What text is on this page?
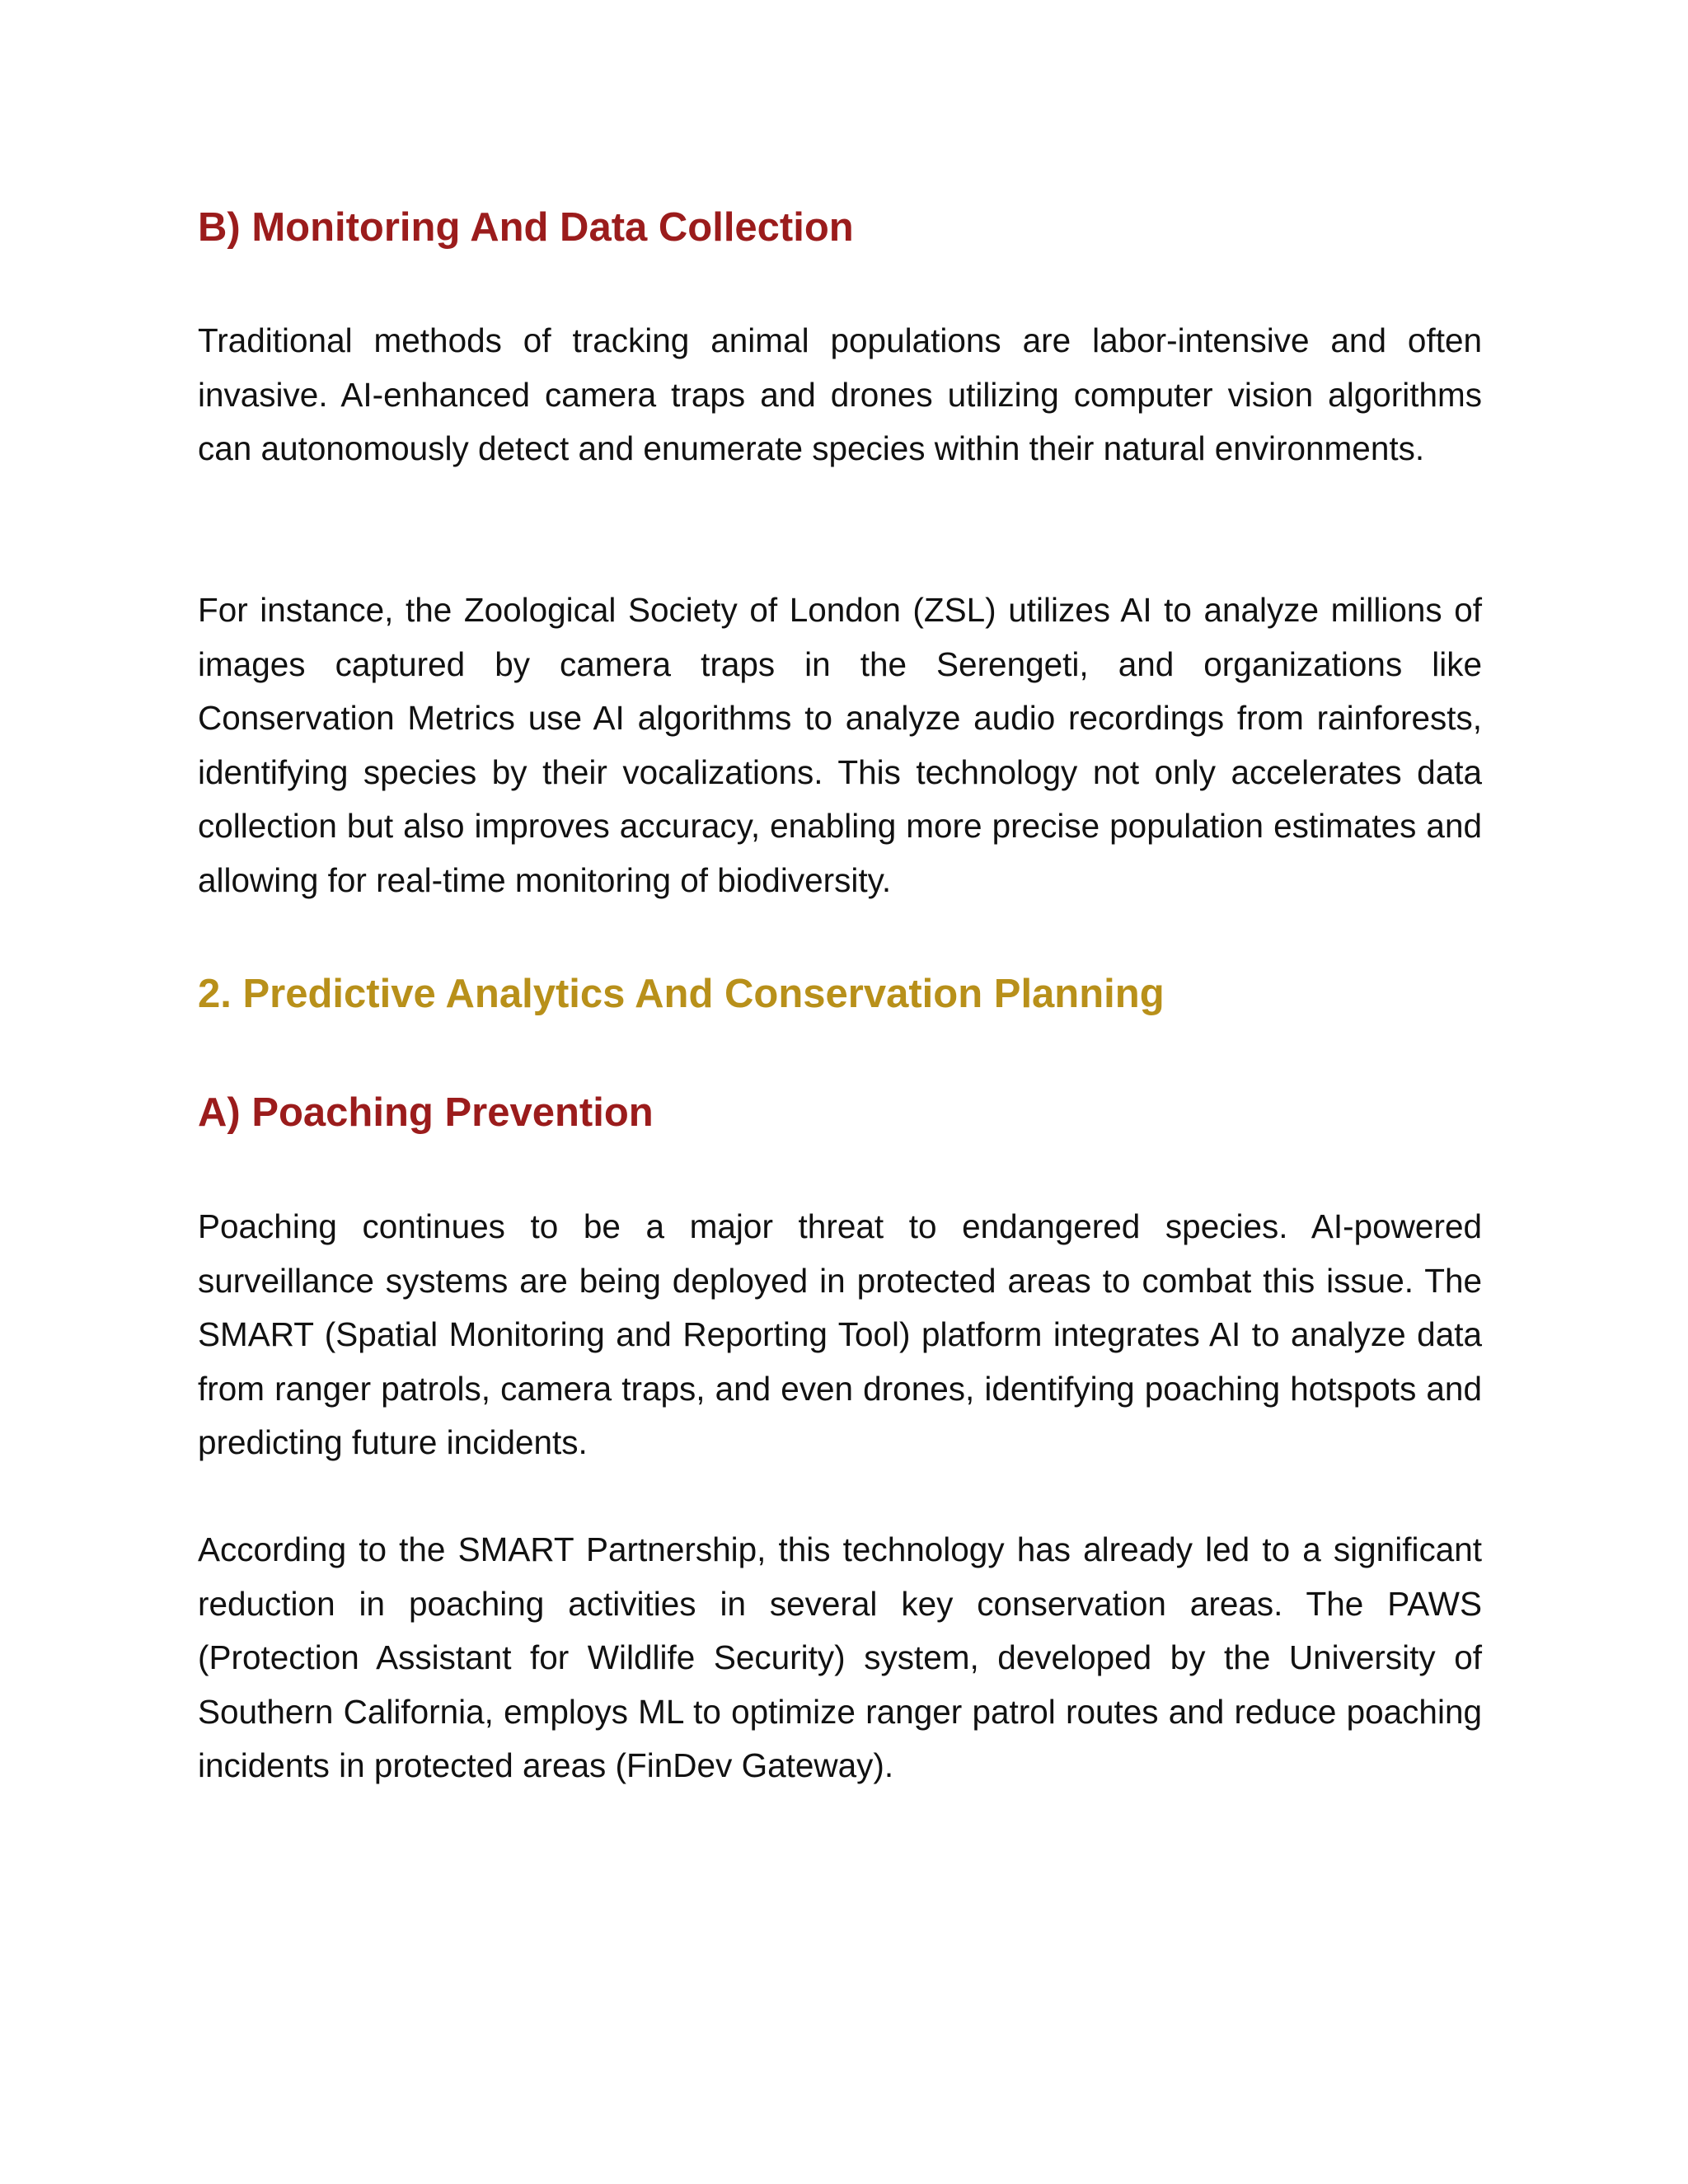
B) Monitoring And Data Collection

Traditional methods of tracking animal populations are labor-intensive and often invasive. AI-enhanced camera traps and drones utilizing computer vision algorithms can autonomously detect and enumerate species within their natural environments.

For instance, the Zoological Society of London (ZSL) utilizes AI to analyze millions of images captured by camera traps in the Serengeti, and organizations like Conservation Metrics use AI algorithms to analyze audio recordings from rainforests, identifying species by their vocalizations. This technology not only accelerates data collection but also improves accuracy, enabling more precise population estimates and allowing for real-time monitoring of biodiversity.

2. Predictive Analytics And Conservation Planning
A) Poaching Prevention

Poaching continues to be a major threat to endangered species. AI-powered surveillance systems are being deployed in protected areas to combat this issue. The SMART (Spatial Monitoring and Reporting Tool) platform integrates AI to analyze data from ranger patrols, camera traps, and even drones, identifying poaching hotspots and predicting future incidents.

According to the SMART Partnership, this technology has already led to a significant reduction in poaching activities in several key conservation areas. The PAWS (Protection Assistant for Wildlife Security) system, developed by the University of Southern California, employs ML to optimize ranger patrol routes and reduce poaching incidents in protected areas (FinDev Gateway).
